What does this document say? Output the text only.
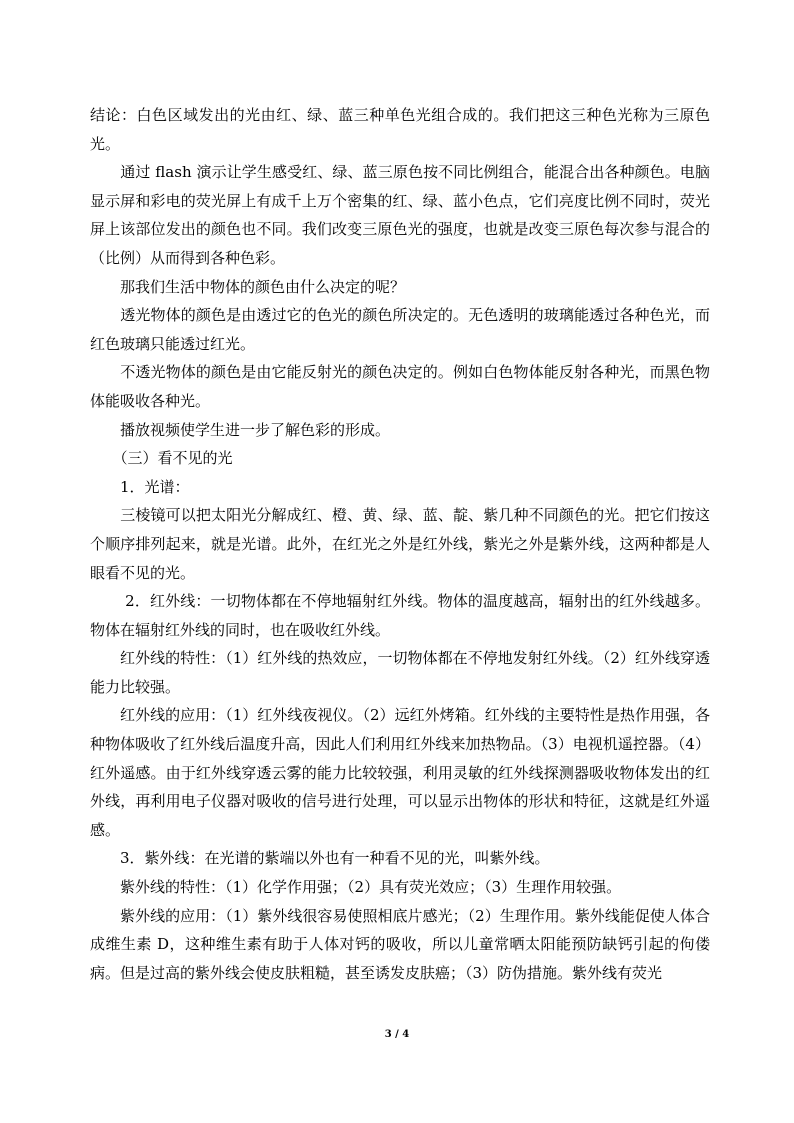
结论：白色区域发出的光由红、绿、蓝三种单色光组合成的。我们把这三种色光称为三原色光。

　　通过 flash 演示让学生感受红、绿、蓝三原色按不同比例组合，能混合出各种颜色。电脑显示屏和彩电的荧光屏上有成千上万个密集的红、绿、蓝小色点，它们亮度比例不同时，荧光屏上该部位发出的颜色也不同。我们改变三原色光的强度，也就是改变三原色每次参与混合的（比例）从而得到各种色彩。

　　那我们生活中物体的颜色由什么决定的呢？

　　透光物体的颜色是由透过它的色光的颜色所决定的。无色透明的玻璃能透过各种色光，而红色玻璃只能透过红光。

　　不透光物体的颜色是由它能反射光的颜色决定的。例如白色物体能反射各种光，而黑色物体能吸收各种光。

　　播放视频使学生进一步了解色彩的形成。

　　（三）看不见的光

　　1．光谱：

　　三棱镜可以把太阳光分解成红、橙、黄、绿、蓝、靛、紫几种不同颜色的光。把它们按这个顺序排列起来，就是光谱。此外，在红光之外是红外线，紫光之外是紫外线，这两种都是人眼看不见的光。

　　 2．红外线：一切物体都在不停地辐射红外线。物体的温度越高，辐射出的红外线越多。物体在辐射红外线的同时，也在吸收红外线。

　　红外线的特性：（1）红外线的热效应，一切物体都在不停地发射红外线。（2）红外线穿透能力比较强。

　　红外线的应用：（1）红外线夜视仪。（2）远红外烤箱。红外线的主要特性是热作用强，各种物体吸收了红外线后温度升高，因此人们利用红外线来加热物品。（3）电视机遥控器。（4）红外遥感。由于红外线穿透云雾的能力比较较强，利用灵敏的红外线探测器吸收物体发出的红外线，再利用电子仪器对吸收的信号进行处理，可以显示出物体的形状和特征，这就是红外遥感。

　　3．紫外线：在光谱的紫端以外也有一种看不见的光，叫紫外线。

　　紫外线的特性：（1）化学作用强；（2）具有荧光效应；（3）生理作用较强。

　　紫外线的应用：（1）紫外线很容易使照相底片感光；（2）生理作用。紫外线能促使人体合成维生素 D，这种维生素有助于人体对钙的吸收，所以儿童常晒太阳能预防缺钙引起的佝偻病。但是过高的紫外线会使皮肤粗糙，甚至诱发皮肤癌；（3）防伪措施。紫外线有荧光

3 / 4
